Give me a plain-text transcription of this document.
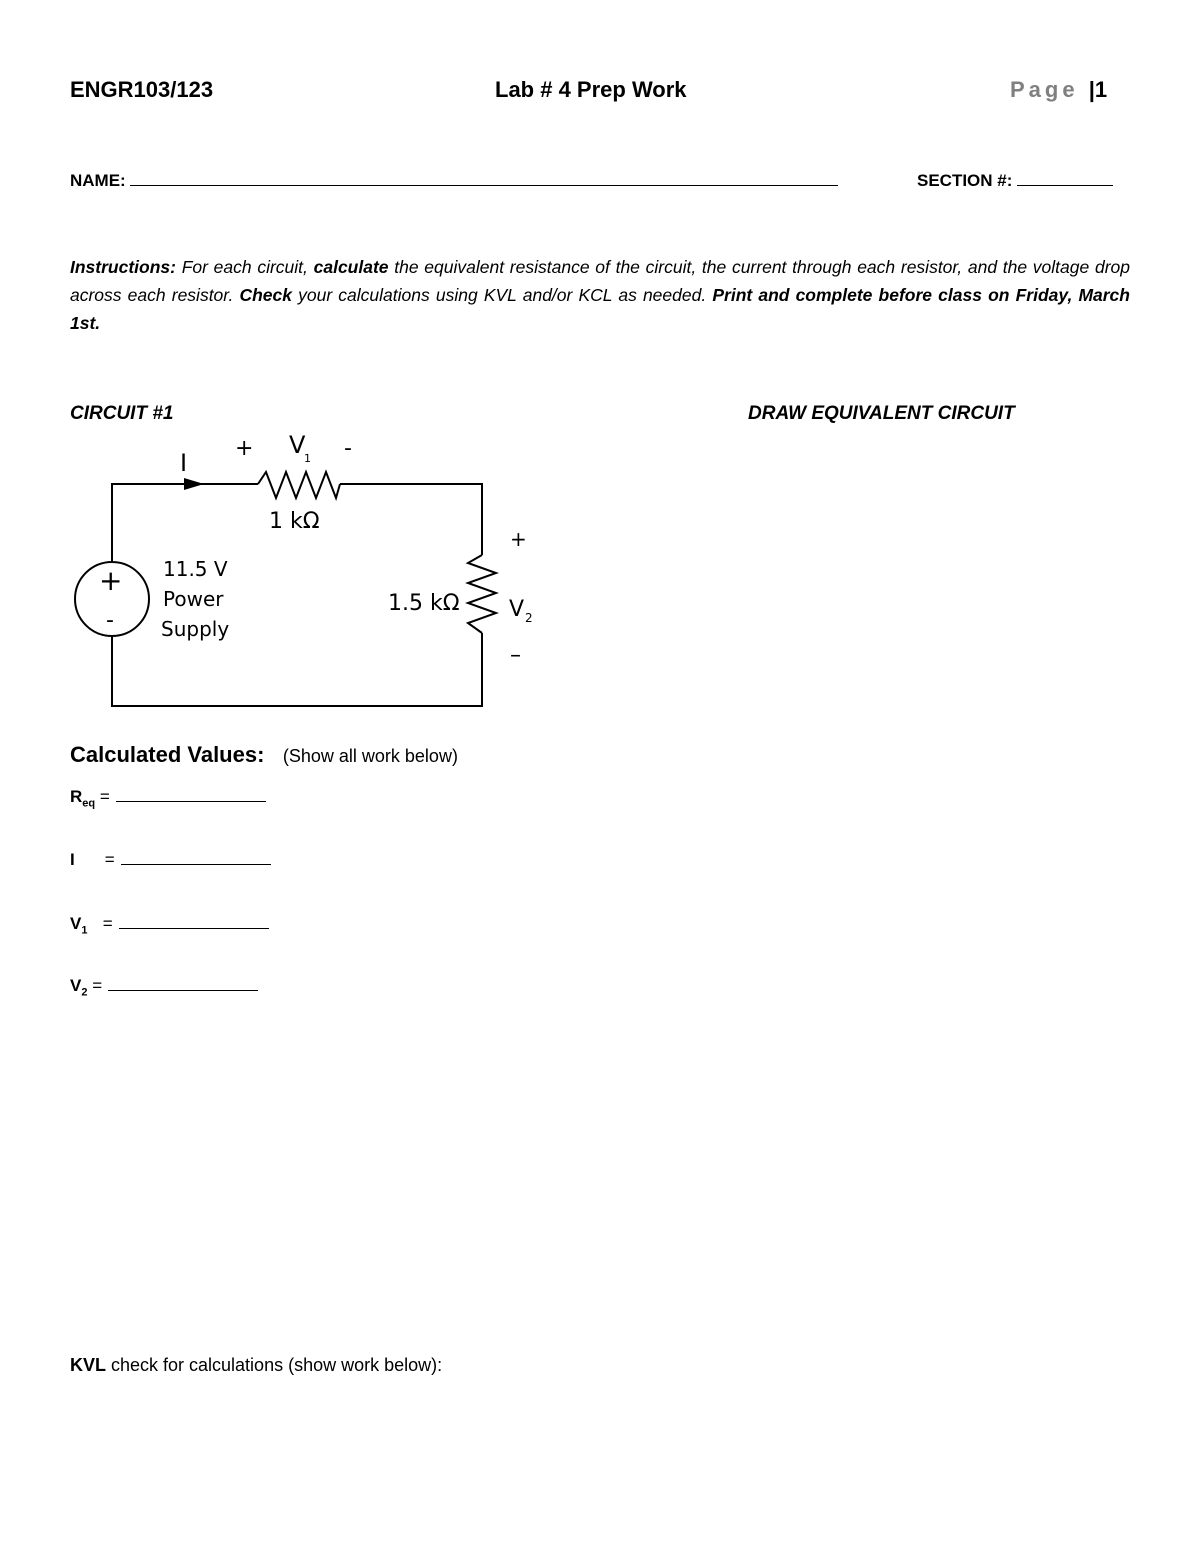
ENGR103/123	Lab # 4 Prep Work	Page |1
NAME:	SECTION #:
Instructions: For each circuit, calculate the equivalent resistance of the circuit, the current through each resistor, and the voltage drop across each resistor. Check your calculations using KVL and/or KCL as needed. Print and complete before class on Friday, March 1st.
CIRCUIT #1	DRAW EQUIVALENT CIRCUIT
I
+ V
1 -
1 kΩ
+
-
11.5 V
Power
Supply
1.5 kΩ
+
V 2
–
Calculated Values: (Show all work below)
$R_{eq}$ =
I =
$V_1$ =
$V_2$ =
KVL check for calculations (show work below):
